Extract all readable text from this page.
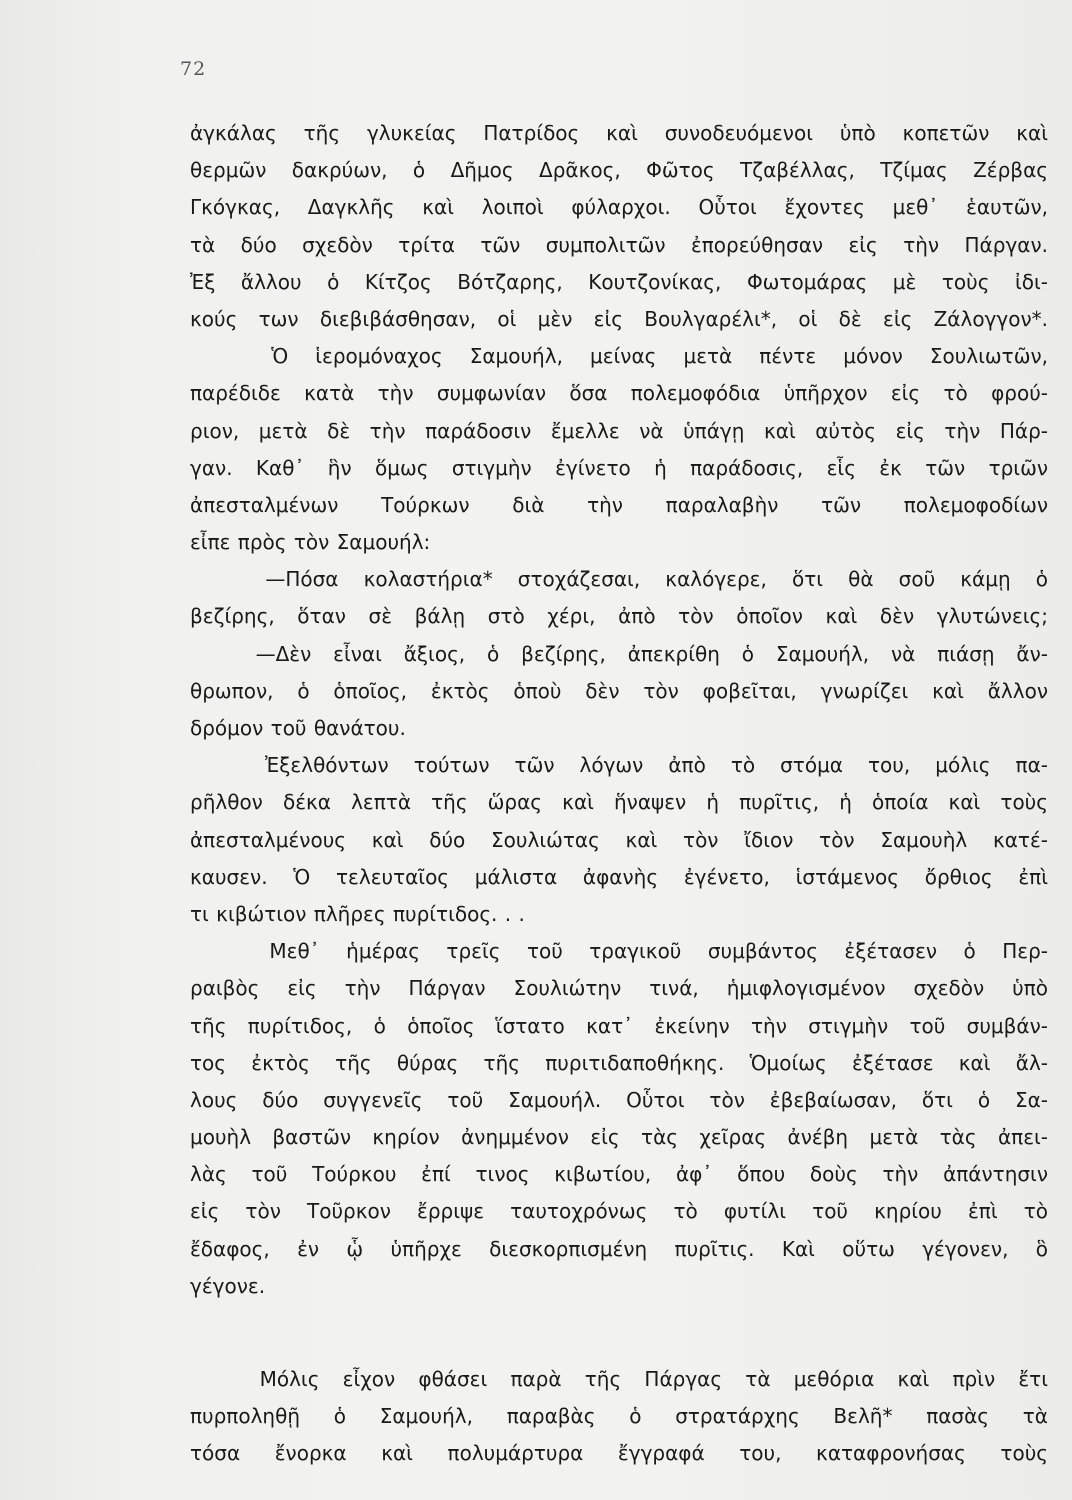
72
ἀγκάλας τῆς γλυκείας Πατρίδος καὶ συνοδευόμενοι ὑπὸ κοπετῶν καὶ
θερμῶν δακρύων, ὁ Δῆμος Δρᾶκος, Φῶτος Τζαβέλλας, Τζίμας Ζέρβας
Γκόγκας, Δαγκλῆς καὶ λοιποὶ φύλαρχοι. Οὗτοι ἔχοντες μεθ᾿ ἑαυτῶν,
τὰ δύο σχεδὸν τρίτα τῶν συμπολιτῶν ἐπορεύθησαν εἰς τὴν Πάργαν.
Ἐξ ἄλλου ὁ Κίτζος Βότζαρης, Κουτζονίκας, Φωτομάρας μὲ τοὺς ἰδι-
κούς των διεβιβάσθησαν, οἱ μὲν εἰς Βουλγαρέλι*, οἱ δὲ εἰς Ζάλογγον*.
Ὁ ἱερομόναχος Σαμουήλ, μείνας μετὰ πέντε μόνον Σουλιωτῶν,
παρέδιδε κατὰ τὴν συμφωνίαν ὅσα πολεμοφόδια ὑπῆρχον εἰς τὸ φρού-
ριον, μετὰ δὲ τὴν παράδοσιν ἔμελλε νὰ ὑπάγῃ καὶ αὐτὸς εἰς τὴν Πάρ-
γαν. Καθ᾿ ἣν ὅμως στιγμὴν ἐγίνετο ἡ παράδοσις, εἷς ἐκ τῶν τριῶν
ἀπεσταλμένων Τούρκων διὰ τὴν παραλαβὴν τῶν πολεμοφοδίων
εἶπε πρὸς τὸν Σαμουήλ:
—Πόσα κολαστήρια* στοχάζεσαι, καλόγερε, ὅτι θὰ σοῦ κάμῃ ὁ
βεζίρης, ὅταν σὲ βάλῃ στὸ χέρι, ἀπὸ τὸν ὁποῖον καὶ δὲν γλυτώνεις;
—Δὲν εἶναι ἄξιος, ὁ βεζίρης, ἀπεκρίθη ὁ Σαμουήλ, νὰ πιάσῃ ἄν-
θρωπον, ὁ ὁποῖος, ἐκτὸς ὁποὺ δὲν τὸν φοβεῖται, γνωρίζει καὶ ἄλλον
δρόμον τοῦ θανάτου.
Ἐξελθόντων τούτων τῶν λόγων ἀπὸ τὸ στόμα του, μόλις πα-
ρῆλθον δέκα λεπτὰ τῆς ὥρας καὶ ἥναψεν ἡ πυρῖτις, ἡ ὁποία καὶ τοὺς
ἀπεσταλμένους καὶ δύο Σουλιώτας καὶ τὸν ἴδιον τὸν Σαμουὴλ κατέ-
καυσεν. Ὁ τελευταῖος μάλιστα ἀφανὴς ἐγένετο, ἱστάμενος ὄρθιος ἐπὶ
τι κιβώτιον πλῆρες πυρίτιδος. . .
Μεθ᾿ ἡμέρας τρεῖς τοῦ τραγικοῦ συμβάντος ἐξέτασεν ὁ Περ-
ραιβὸς εἰς τὴν Πάργαν Σουλιώτην τινά, ἡμιφλογισμένον σχεδὸν ὑπὸ
τῆς πυρίτιδος, ὁ ὁποῖος ἵστατο κατ᾿ ἐκείνην τὴν στιγμὴν τοῦ συμβάν-
τος ἐκτὸς τῆς θύρας τῆς πυριτιδαποθήκης. Ὁμοίως ἐξέτασε καὶ ἄλ-
λους δύο συγγενεῖς τοῦ Σαμουήλ. Οὗτοι τὸν ἐβεβαίωσαν, ὅτι ὁ Σα-
μουὴλ βαστῶν κηρίον ἀνημμένον εἰς τὰς χεῖρας ἀνέβη μετὰ τὰς ἀπει-
λὰς τοῦ Τούρκου ἐπί τινος κιβωτίου, ἀφ᾿ ὅπου δοὺς τὴν ἀπάντησιν
εἰς τὸν Τοῦρκον ἔρριψε ταυτοχρόνως τὸ φυτίλι τοῦ κηρίου ἐπὶ τὸ
ἔδαφος, ἐν ᾧ ὑπῆρχε διεσκορπισμένη πυρῖτις. Καὶ οὕτω γέγονεν, ὃ
γέγονε.
Μόλις εἶχον φθάσει παρὰ τῆς Πάργας τὰ μεθόρια καὶ πρὶν ἔτι
πυρποληθῇ ὁ Σαμουήλ, παραβὰς ὁ στρατάρχης Βελῆ* πασὰς τὰ
τόσα ἔνορκα καὶ πολυμάρτυρα ἔγγραφά του, καταφρονήσας τοὺς
